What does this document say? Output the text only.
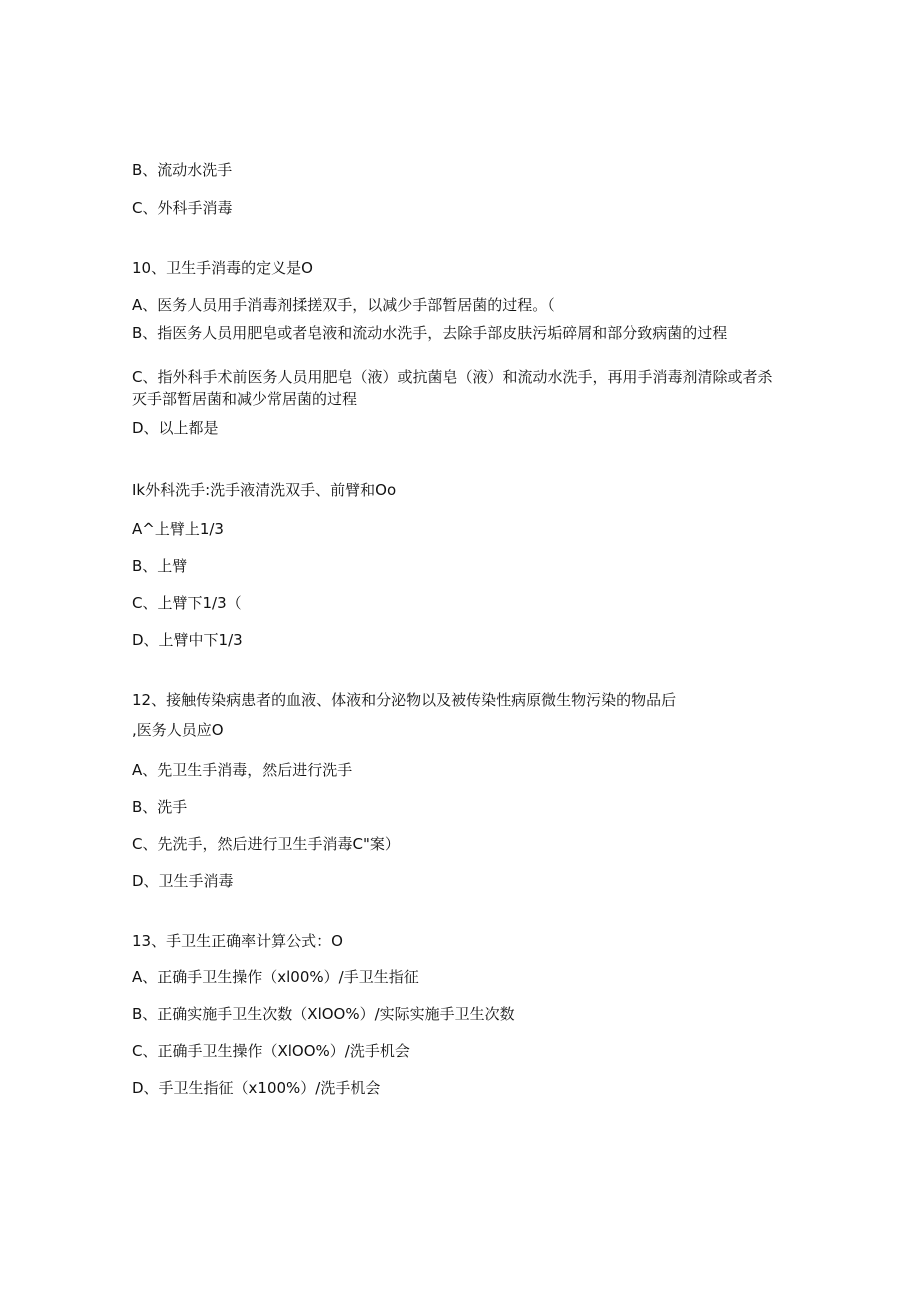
B、流动水洗手
C、外科手消毒
10、卫生手消毒的定义是O
A、医务人员用手消毒剂揉搓双手，以减少手部暂居菌的过程。（
B、指医务人员用肥皂或者皂液和流动水洗手，去除手部皮肤污垢碎屑和部分致病菌的过程
C、指外科手术前医务人员用肥皂（液）或抗菌皂（液）和流动水洗手，再用手消毒剂清除或者杀灭手部暂居菌和减少常居菌的过程
D、以上都是
Ik外科洗手:洗手液清洗双手、前臂和Oo
A^上臂上1/3
B、上臂
C、上臂下1/3（
D、上臂中下1/3
12、接触传染病患者的血液、体液和分泌物以及被传染性病原微生物污染的物品后
,医务人员应O
A、先卫生手消毒，然后进行洗手
B、洗手
C、先洗手，然后进行卫生手消毒C"案）
D、卫生手消毒
13、手卫生正确率计算公式：O
A、正确手卫生操作（xl00%）/手卫生指征
B、正确实施手卫生次数（XlOO%）/实际实施手卫生次数
C、正确手卫生操作（XlOO%）/洗手机会
D、手卫生指征（x100%）/洗手机会
